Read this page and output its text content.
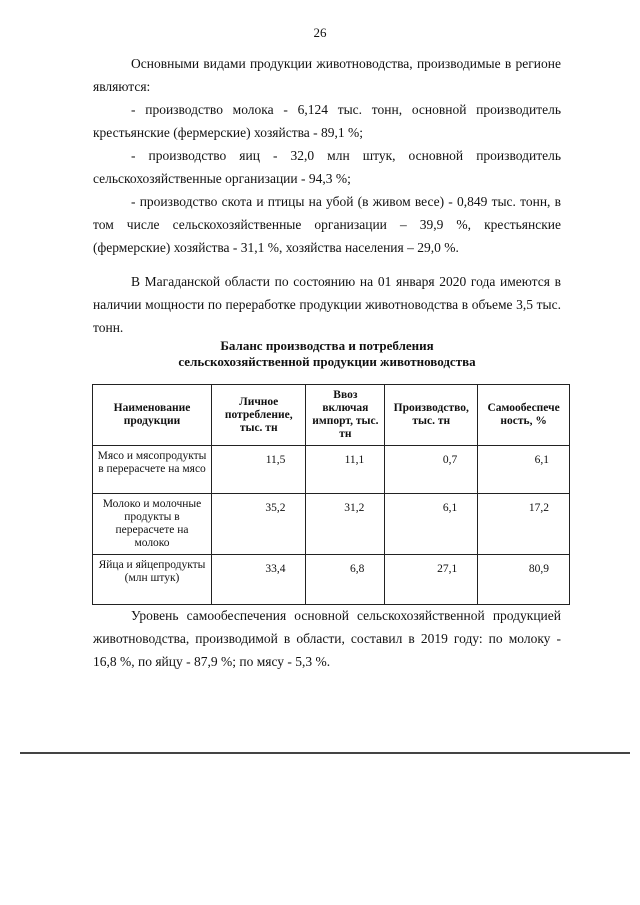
26
Основными видами продукции животноводства, производимые в регионе являются:
- производство молока - 6,124 тыс. тонн, основной производитель крестьянские (фермерские) хозяйства - 89,1 %;
- производство яиц - 32,0 млн штук, основной производитель сельскохозяйственные организации - 94,3 %;
- производство скота и птицы на убой (в живом весе) - 0,849 тыс. тонн, в том числе сельскохозяйственные организации – 39,9 %, крестьянские (фермерские) хозяйства - 31,1 %, хозяйства населения – 29,0 %.
В Магаданской области по состоянию на 01 января 2020 года имеются в наличии мощности по переработке продукции животноводства в объеме 3,5 тыс. тонн.
Баланс производства и потребления
сельскохозяйственной продукции животноводства
Наименование продукции	Личное потребление, тыс. тн	Ввоз включая импорт, тыс. тн	Производство, тыс. тн	Самообеспече ность, %
Мясо и мясопродукты в перерасчете на мясо	11,5	11,1	0,7	6,1
Молоко и молочные продукты в перерасчете на молоко	35,2	31,2	6,1	17,2
Яйца и яйцепродукты (млн штук)	33,4	6,8	27,1	80,9
Уровень самообеспечения основной сельскохозяйственной продукцией животноводства, производимой в области, составил в 2019 году: по молоку - 16,8 %, по яйцу - 87,9 %; по мясу - 5,3 %.
